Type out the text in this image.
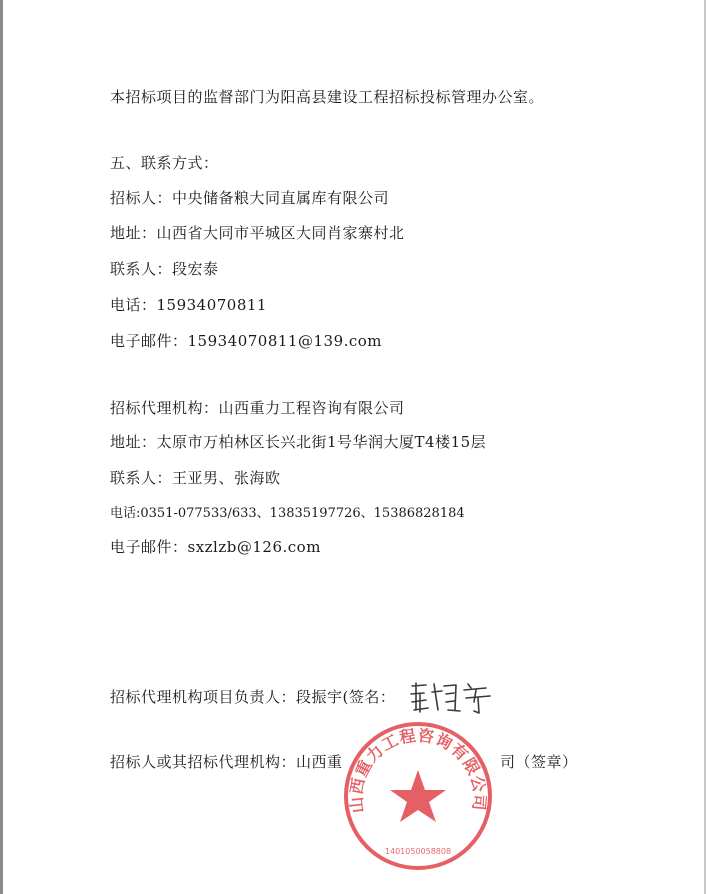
本招标项目的监督部门为阳高县建设工程招标投标管理办公室。
五、联系方式：
招标人：中央储备粮大同直属库有限公司
地址：山西省大同市平城区大同肖家寨村北
联系人：段宏泰
电话：15934070811
电子邮件：15934070811@139.com
招标代理机构：山西重力工程咨询有限公司
地址：太原市万柏林区长兴北街1号华润大厦T4楼15层
联系人：王亚男、张海欧
电话:0351-077533/633、13835197726、15386828184
电子邮件：sxzlzb@126.com
招标代理机构项目负责人：段振宇(签名：
招标人或其招标代理机构：山西重
山西重力工程咨询有限公司
1401050058808
司（签章）
